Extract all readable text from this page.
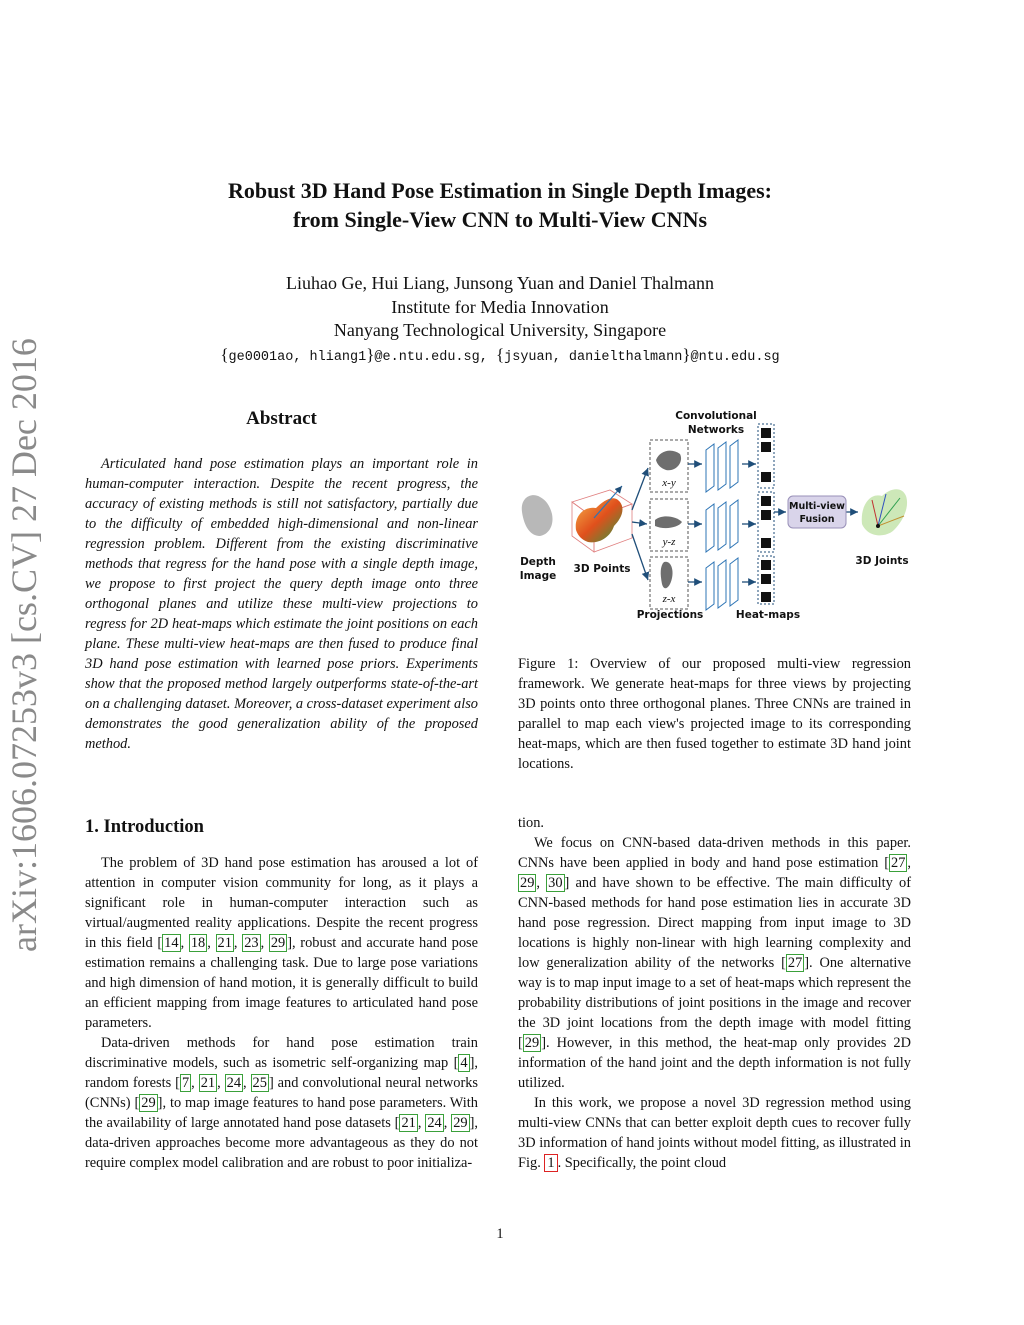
arXiv:1606.07253v3 [cs.CV] 27 Dec 2016
Robust 3D Hand Pose Estimation in Single Depth Images:
from Single-View CNN to Multi-View CNNs
Liuhao Ge, Hui Liang, Junsong Yuan and Daniel Thalmann
Institute for Media Innovation
Nanyang Technological University, Singapore
{ge0001ao, hliang1}@e.ntu.edu.sg, {jsyuan, danielthalmann}@ntu.edu.sg
Abstract
Articulated hand pose estimation plays an important role in human-computer interaction. Despite the recent progress, the accuracy of existing methods is still not satisfactory, partially due to the difficulty of embedded high-dimensional and non-linear regression problem. Different from the existing discriminative methods that regress for the hand pose with a single depth image, we propose to first project the query depth image onto three orthogonal planes and utilize these multi-view projections to regress for 2D heat-maps which estimate the joint positions on each plane. These multi-view heat-maps are then fused to produce final 3D hand pose estimation with learned pose priors. Experiments show that the proposed method largely outperforms state-of-the-art on a challenging dataset. Moreover, a cross-dataset experiment also demonstrates the good generalization ability of the proposed method.
Convolutional
Networks
Depth
Image
3D Points
x-y
y-z
z-x
Projections	Heat-maps
Multi-view
Fusion
3D Joints
Figure 1: Overview of our proposed multi-view regression framework. We generate heat-maps for three views by projecting 3D points onto three orthogonal planes. Three CNNs are trained in parallel to map each view's projected image to its corresponding heat-maps, which are then fused together to estimate 3D hand joint locations.
1. Introduction

The problem of 3D hand pose estimation has aroused a lot of attention in computer vision community for long, as it plays a significant role in human-computer interaction such as virtual/augmented reality applications. Despite the recent progress in this field [ 14 , 18 , 21 , 23 , 29 ], robust and accurate hand pose estimation remains a challenging task. Due to large pose variations and high dimension of hand motion, it is generally difficult to build an efficient mapping from image features to articulated hand pose parameters.

Data-driven methods for hand pose estimation train discriminative models, such as isometric self-organizing map [ 4 ], random forests [ 7 , 21 , 24 , 25 ] and convolutional neural networks (CNNs) [ 29 ], to map image features to hand pose parameters. With the availability of large annotated hand pose datasets [ 21 , 24 , 29 ], data-driven approaches become more advantageous as they do not require complex model calibration and are robust to poor initializa-

tion.

We focus on CNN-based data-driven methods in this paper. CNNs have been applied in body and hand pose estimation [ 27 , 29 , 30 ] and have shown to be effective. The main difficulty of CNN-based methods for hand pose estimation lies in accurate 3D hand pose regression. Direct mapping from input image to 3D locations is highly non-linear with high learning complexity and low generalization ability of the networks [ 27 ]. One alternative way is to map input image to a set of heat-maps which represent the probability distributions of joint positions in the image and recover the 3D joint locations from the depth image with model fitting [ 29 ]. However, in this method, the heat-map only provides 2D information of the hand joint and the depth information is not fully utilized.

In this work, we propose a novel 3D regression method using multi-view CNNs that can better exploit depth cues to recover fully 3D information of hand joints without model fitting, as illustrated in Fig. 1 . Specifically, the point cloud

1
